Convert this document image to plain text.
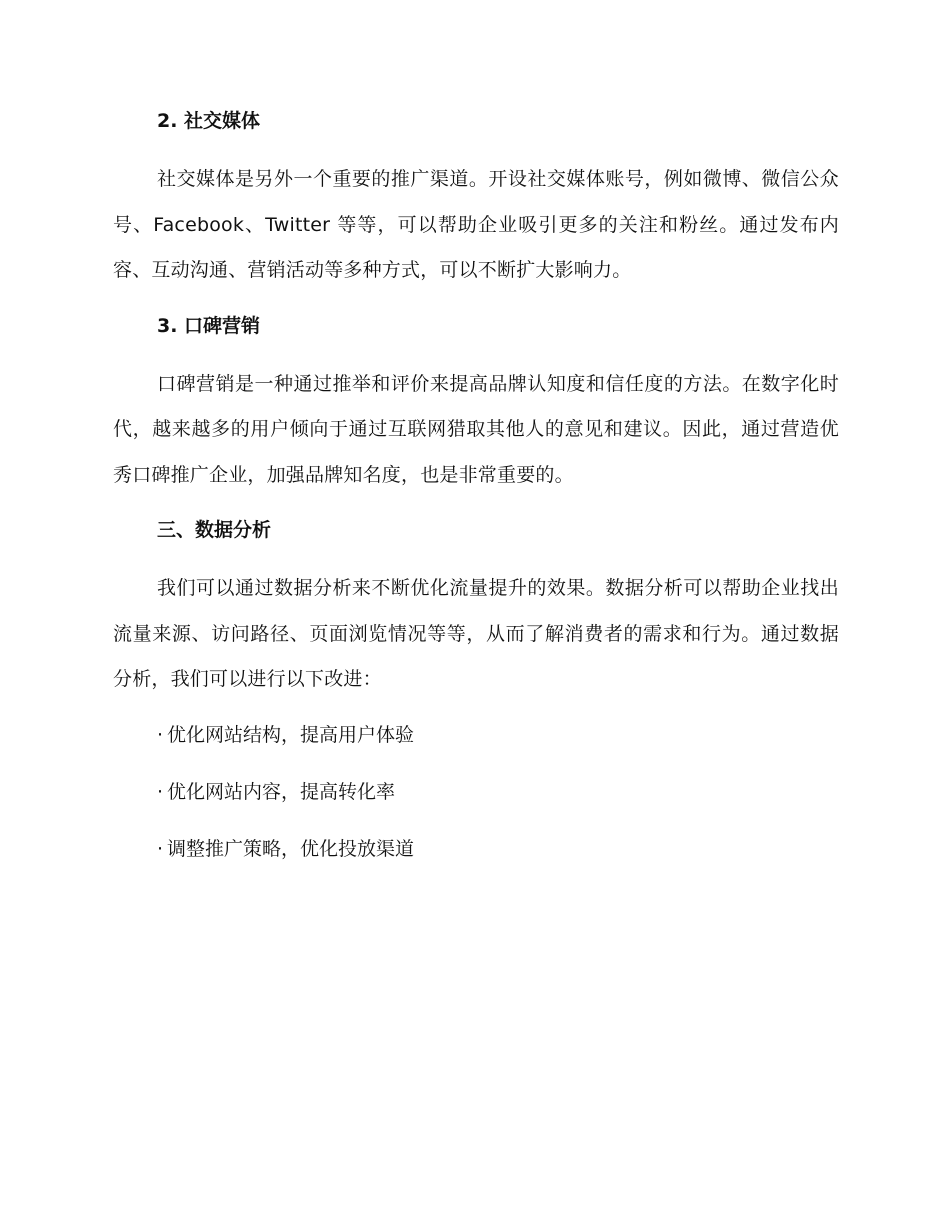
2. 社交媒体

社交媒体是另外一个重要的推广渠道。开设社交媒体账号，例如微博、微信公众号、Facebook、Twitter 等等，可以帮助企业吸引更多的关注和粉丝。通过发布内容、互动沟通、营销活动等多种方式，可以不断扩大影响力。

3. 口碑营销

口碑营销是一种通过推举和评价来提高品牌认知度和信任度的方法。在数字化时代，越来越多的用户倾向于通过互联网猎取其他人的意见和建议。因此，通过营造优秀口碑推广企业，加强品牌知名度，也是非常重要的。

三、数据分析

我们可以通过数据分析来不断优化流量提升的效果。数据分析可以帮助企业找出流量来源、访问路径、页面浏览情况等等，从而了解消费者的需求和行为。通过数据分析，我们可以进行以下改进：

· 优化网站结构，提高用户体验
· 优化网站内容，提高转化率
· 调整推广策略，优化投放渠道
